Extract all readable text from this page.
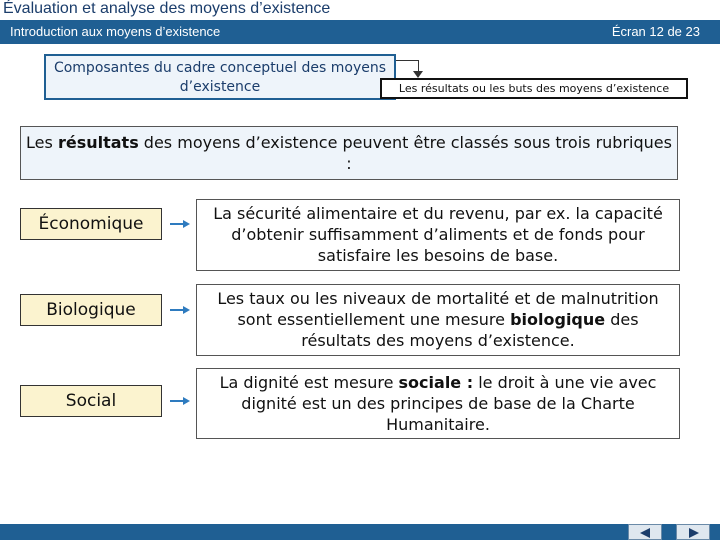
Évaluation et analyse des moyens d’existence
Introduction aux moyens d’existence	Écran 12 de 23
Composantes du cadre conceptuel des moyens d’existence	Les résultats ou les buts des moyens d’existence
Les résultats des moyens d’existence peuvent être classés sous trois rubriques :
Économique
La sécurité alimentaire et du revenu, par ex. la capacité d’obtenir suffisamment d’aliments et de fonds pour satisfaire les besoins de base.
Biologique
Les taux ou les niveaux de mortalité et de malnutrition sont essentiellement une mesure biologique des résultats des moyens d’existence.
Social
La dignité est mesure sociale : le droit à une vie avec dignité est un des principes de base de la Charte Humanitaire.
